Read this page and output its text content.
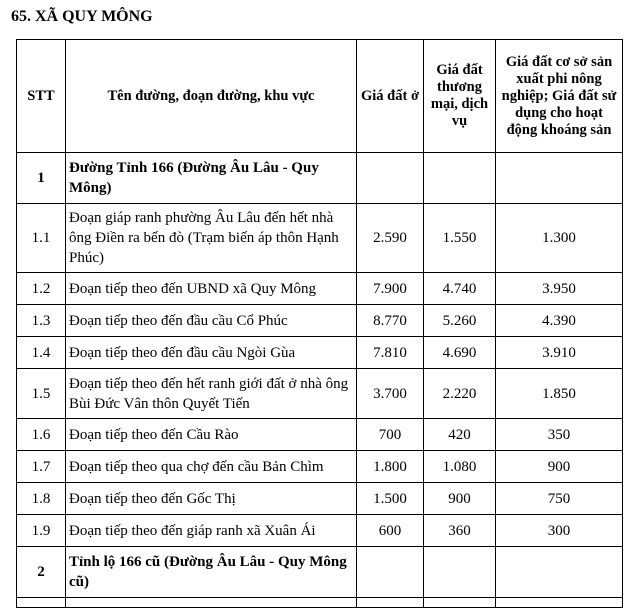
65. XÃ QUY MÔNG
STT	Tên đường, đoạn đường, khu vực	Giá đất ở	Giá đất thương mại, dịch vụ	Giá đất cơ sở sản xuất phi nông nghiệp; Giá đất sử dụng cho hoạt động khoáng sản
1	Đường Tỉnh 166 (Đường Âu Lâu - Quy Mông)			
1.1	Đoạn giáp ranh phường Âu Lâu đến hết nhà ông Điền ra bến đò (Trạm biến áp thôn Hạnh Phúc)	2.590	1.550	1.300
1.2	Đoạn tiếp theo đến UBND xã Quy Mông	7.900	4.740	3.950
1.3	Đoạn tiếp theo đến đầu cầu Cổ Phúc	8.770	5.260	4.390
1.4	Đoạn tiếp theo đến đầu cầu Ngòi Gùa	7.810	4.690	3.910
1.5	Đoạn tiếp theo đến hết ranh giới đất ở nhà ông Bùi Đức Vân thôn Quyết Tiến	3.700	2.220	1.850
1.6	Đoạn tiếp theo đến Cầu Rào	700	420	350
1.7	Đoạn tiếp theo qua chợ đến cầu Bản Chìm	1.800	1.080	900
1.8	Đoạn tiếp theo đến Gốc Thị	1.500	900	750
1.9	Đoạn tiếp theo đến giáp ranh xã Xuân Ái	600	360	300
2	Tỉnh lộ 166 cũ (Đường Âu Lâu - Quy Mông cũ)			
